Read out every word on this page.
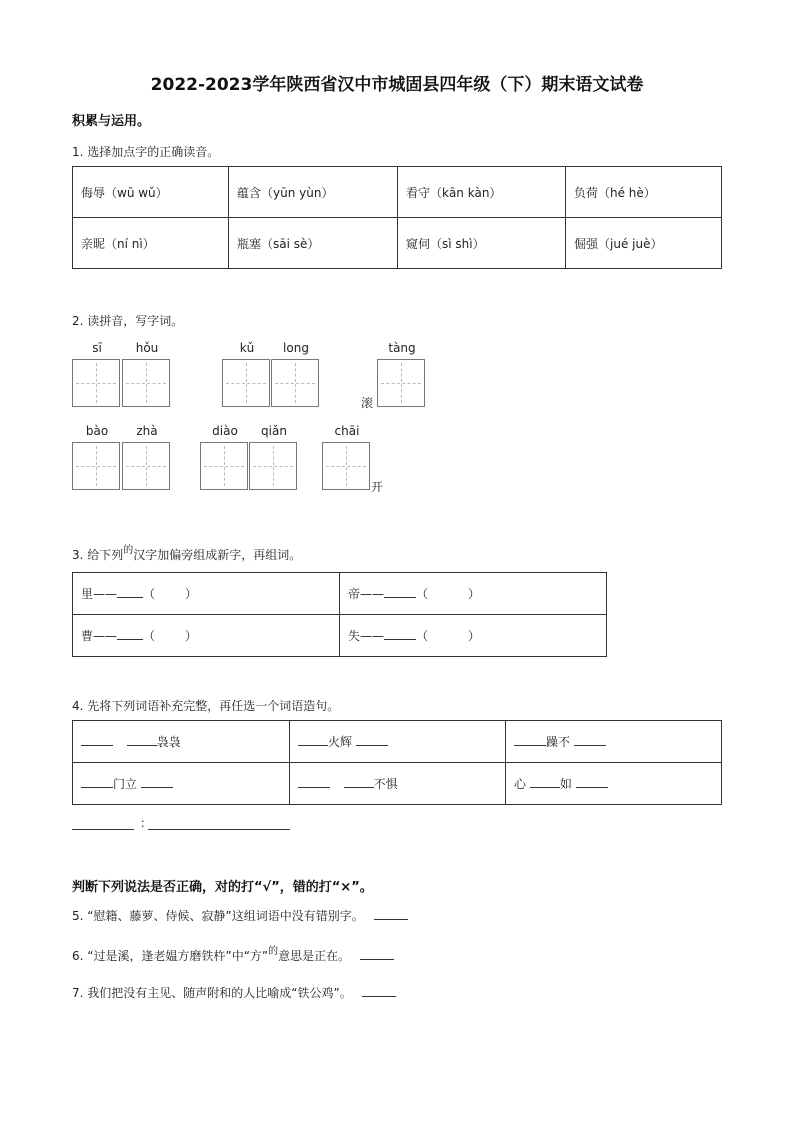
2022-2023学年陕西省汉中市城固县四年级（下）期末语文试卷
积累与运用。
1. 选择加点字的正确读音。
侮辱（wū wǔ）	蕴含（yūn yùn）	看守（kān kàn）	负荷（hé hè）
亲昵（ní nì）	瓶塞（sāi sè）	窥伺（sì shì）	倔强（jué juè）
2. 读拼音，写字词。
sī	hǒu	kǔ	long	tàng
滚
bào	zhà	diào	qiǎn	chāi
开
3. 给下列$^的$汉字加偏旁组成新字，再组词。
里—— （ ）	帝—— （ ）
曹—— （ ）	失—— （ ）
4. 先将下列词语补充完整，再任选一个词语造句。
袅袅	火辉	躁不
门立	不惧	心 如
：
判断下列说法是否正确，对的打“√”，错的打“×”。
5. “慰籍、藤萝、侍候、寂静”这组词语中没有错别字。
6. “过是溪，逢老媪方磨铁杵”中“方”$^的$意思是正在。
7. 我们把没有主见、随声附和的人比喻成“铁公鸡”。
